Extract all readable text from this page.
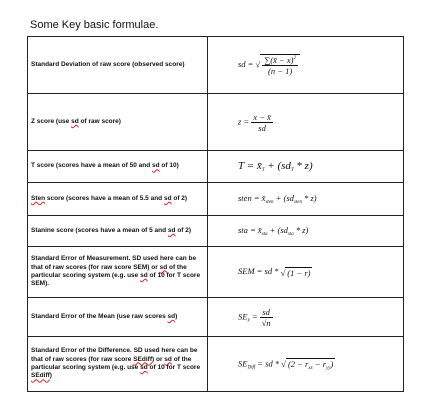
Some Key basic formulae.
Standard Deviation of raw score (observed score)	sd = √ $\frac{\sum(x̄ - x)^2}{(n - 1)}$

Z score (use sd of raw score)	$z = \frac{x - x̄}{sd}$

T score (scores have a mean of 50 and sd of 10)	$T = x̄_T + (sd_T * z)$
Sten score (scores have a mean of 5.5 and sd of 2)	sten = $x̄_{sten} + (sd_{sten} * z)$
Stanine score (scores have a mean of 5 and sd of 2)	sta = $x̄_{sta} + (sd_{sta} * z)$
Standard Error of Measurement. SD used here can be that of raw scores (for raw score SEM) or sd of the particular scoring system (e.g. use sd of 10 for T score SEM).	SEM = sd * √ (1 − r)
Standard Error of the Mean (use raw scores sd)	$SE_{x̄} = \frac{sd}{√n}$

Standard Error of the Difference. SD used here can be that of raw scores (for raw score SEdiff) or sd of the particular scoring system (e.g. use sd of 10 for T score SEdiff)	$SE_{Diff}$ = sd * √ $(2 - r_{xx} - r_{yy})$
